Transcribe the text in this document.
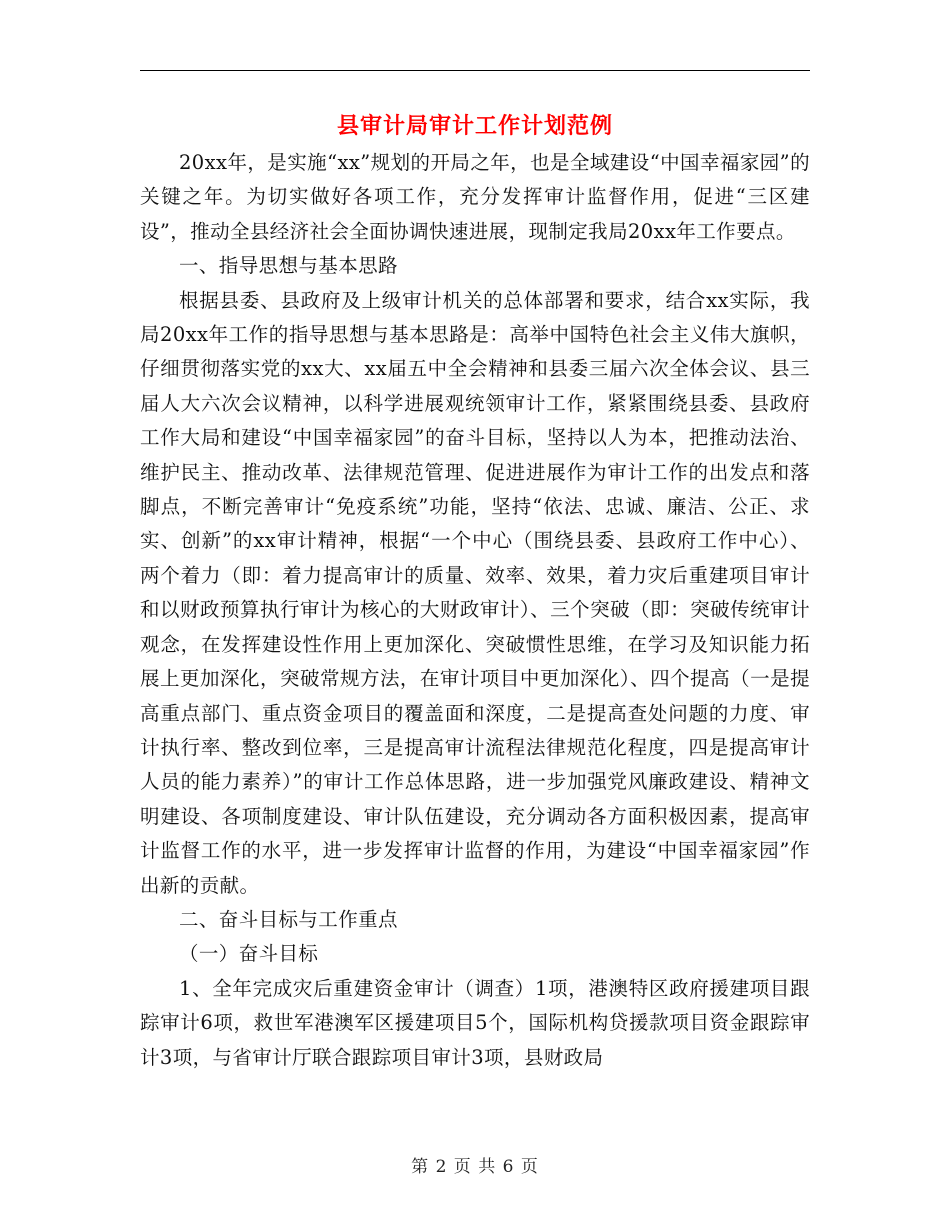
县审计局审计工作计划范例

20xx年，是实施“xx”规划的开局之年，也是全域建设“中国幸福家园”的关键之年。为切实做好各项工作，充分发挥审计监督作用，促进“三区建设”，推动全县经济社会全面协调快速进展，现制定我局20xx年工作要点。

一、指导思想与基本思路

根据县委、县政府及上级审计机关的总体部署和要求，结合xx实际，我局20xx年工作的指导思想与基本思路是：高举中国特色社会主义伟大旗帜，仔细贯彻落实党的xx大、xx届五中全会精神和县委三届六次全体会议、县三届人大六次会议精神，以科学进展观统领审计工作，紧紧围绕县委、县政府工作大局和建设“中国幸福家园”的奋斗目标，坚持以人为本，把推动法治、维护民主、推动改革、法律规范管理、促进进展作为审计工作的出发点和落脚点，不断完善审计“免疫系统”功能，坚持“依法、忠诚、廉洁、公正、求实、创新”的xx审计精神，根据“一个中心（围绕县委、县政府工作中心）、两个着力（即：着力提高审计的质量、效率、效果，着力灾后重建项目审计和以财政预算执行审计为核心的大财政审计）、三个突破（即：突破传统审计观念，在发挥建设性作用上更加深化、突破惯性思维，在学习及知识能力拓展上更加深化，突破常规方法，在审计项目中更加深化）、四个提高（一是提高重点部门、重点资金项目的覆盖面和深度，二是提高查处问题的力度、审计执行率、整改到位率，三是提高审计流程法律规范化程度，四是提高审计人员的能力素养）”的审计工作总体思路，进一步加强党风廉政建设、精神文明建设、各项制度建设、审计队伍建设，充分调动各方面积极因素，提高审计监督工作的水平，进一步发挥审计监督的作用，为建设“中国幸福家园”作出新的贡献。

二、奋斗目标与工作重点

（一）奋斗目标

1、全年完成灾后重建资金审计（调查）1项，港澳特区政府援建项目跟踪审计6项，救世军港澳军区援建项目5个，国际机构贷援款项目资金跟踪审计3项，与省审计厅联合跟踪项目审计3项，县财政局

第 2 页 共 6 页
